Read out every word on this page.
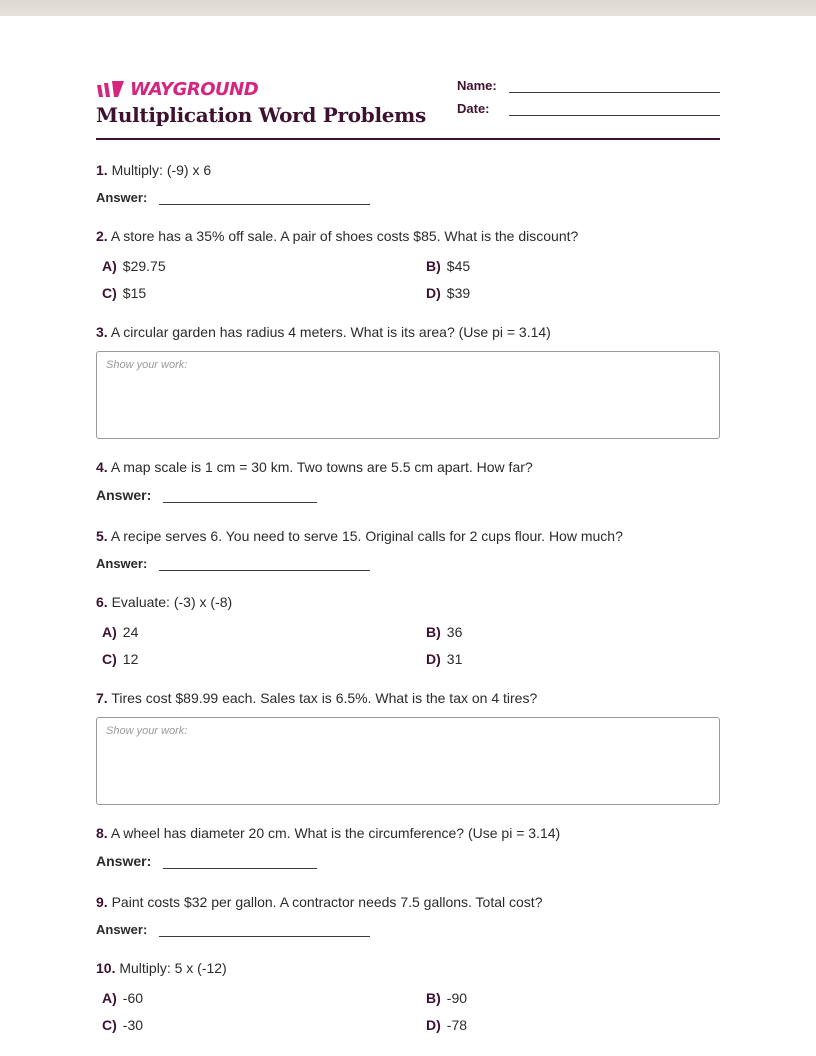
WAYGROUND
Multiplication Word Problems
Name:
Date:
1. Multiply: (-9) x 6
Answer:
2. A store has a 35% off sale. A pair of shoes costs $85. What is the discount?
A) $29.75	B) $45
C) $15	D) $39
3. A circular garden has radius 4 meters. What is its area? (Use pi = 3.14)
Show your work:
4. A map scale is 1 cm = 30 km. Two towns are 5.5 cm apart. How far?
Answer:
5. A recipe serves 6. You need to serve 15. Original calls for 2 cups flour. How much?
Answer:
6. Evaluate: (-3) x (-8)
A) 24	B) 36
C) 12	D) 31
7. Tires cost $89.99 each. Sales tax is 6.5%. What is the tax on 4 tires?
Show your work:
8. A wheel has diameter 20 cm. What is the circumference? (Use pi = 3.14)
Answer:
9. Paint costs $32 per gallon. A contractor needs 7.5 gallons. Total cost?
Answer:
10. Multiply: 5 x (-12)
A) -60	B) -90
C) -30	D) -78
